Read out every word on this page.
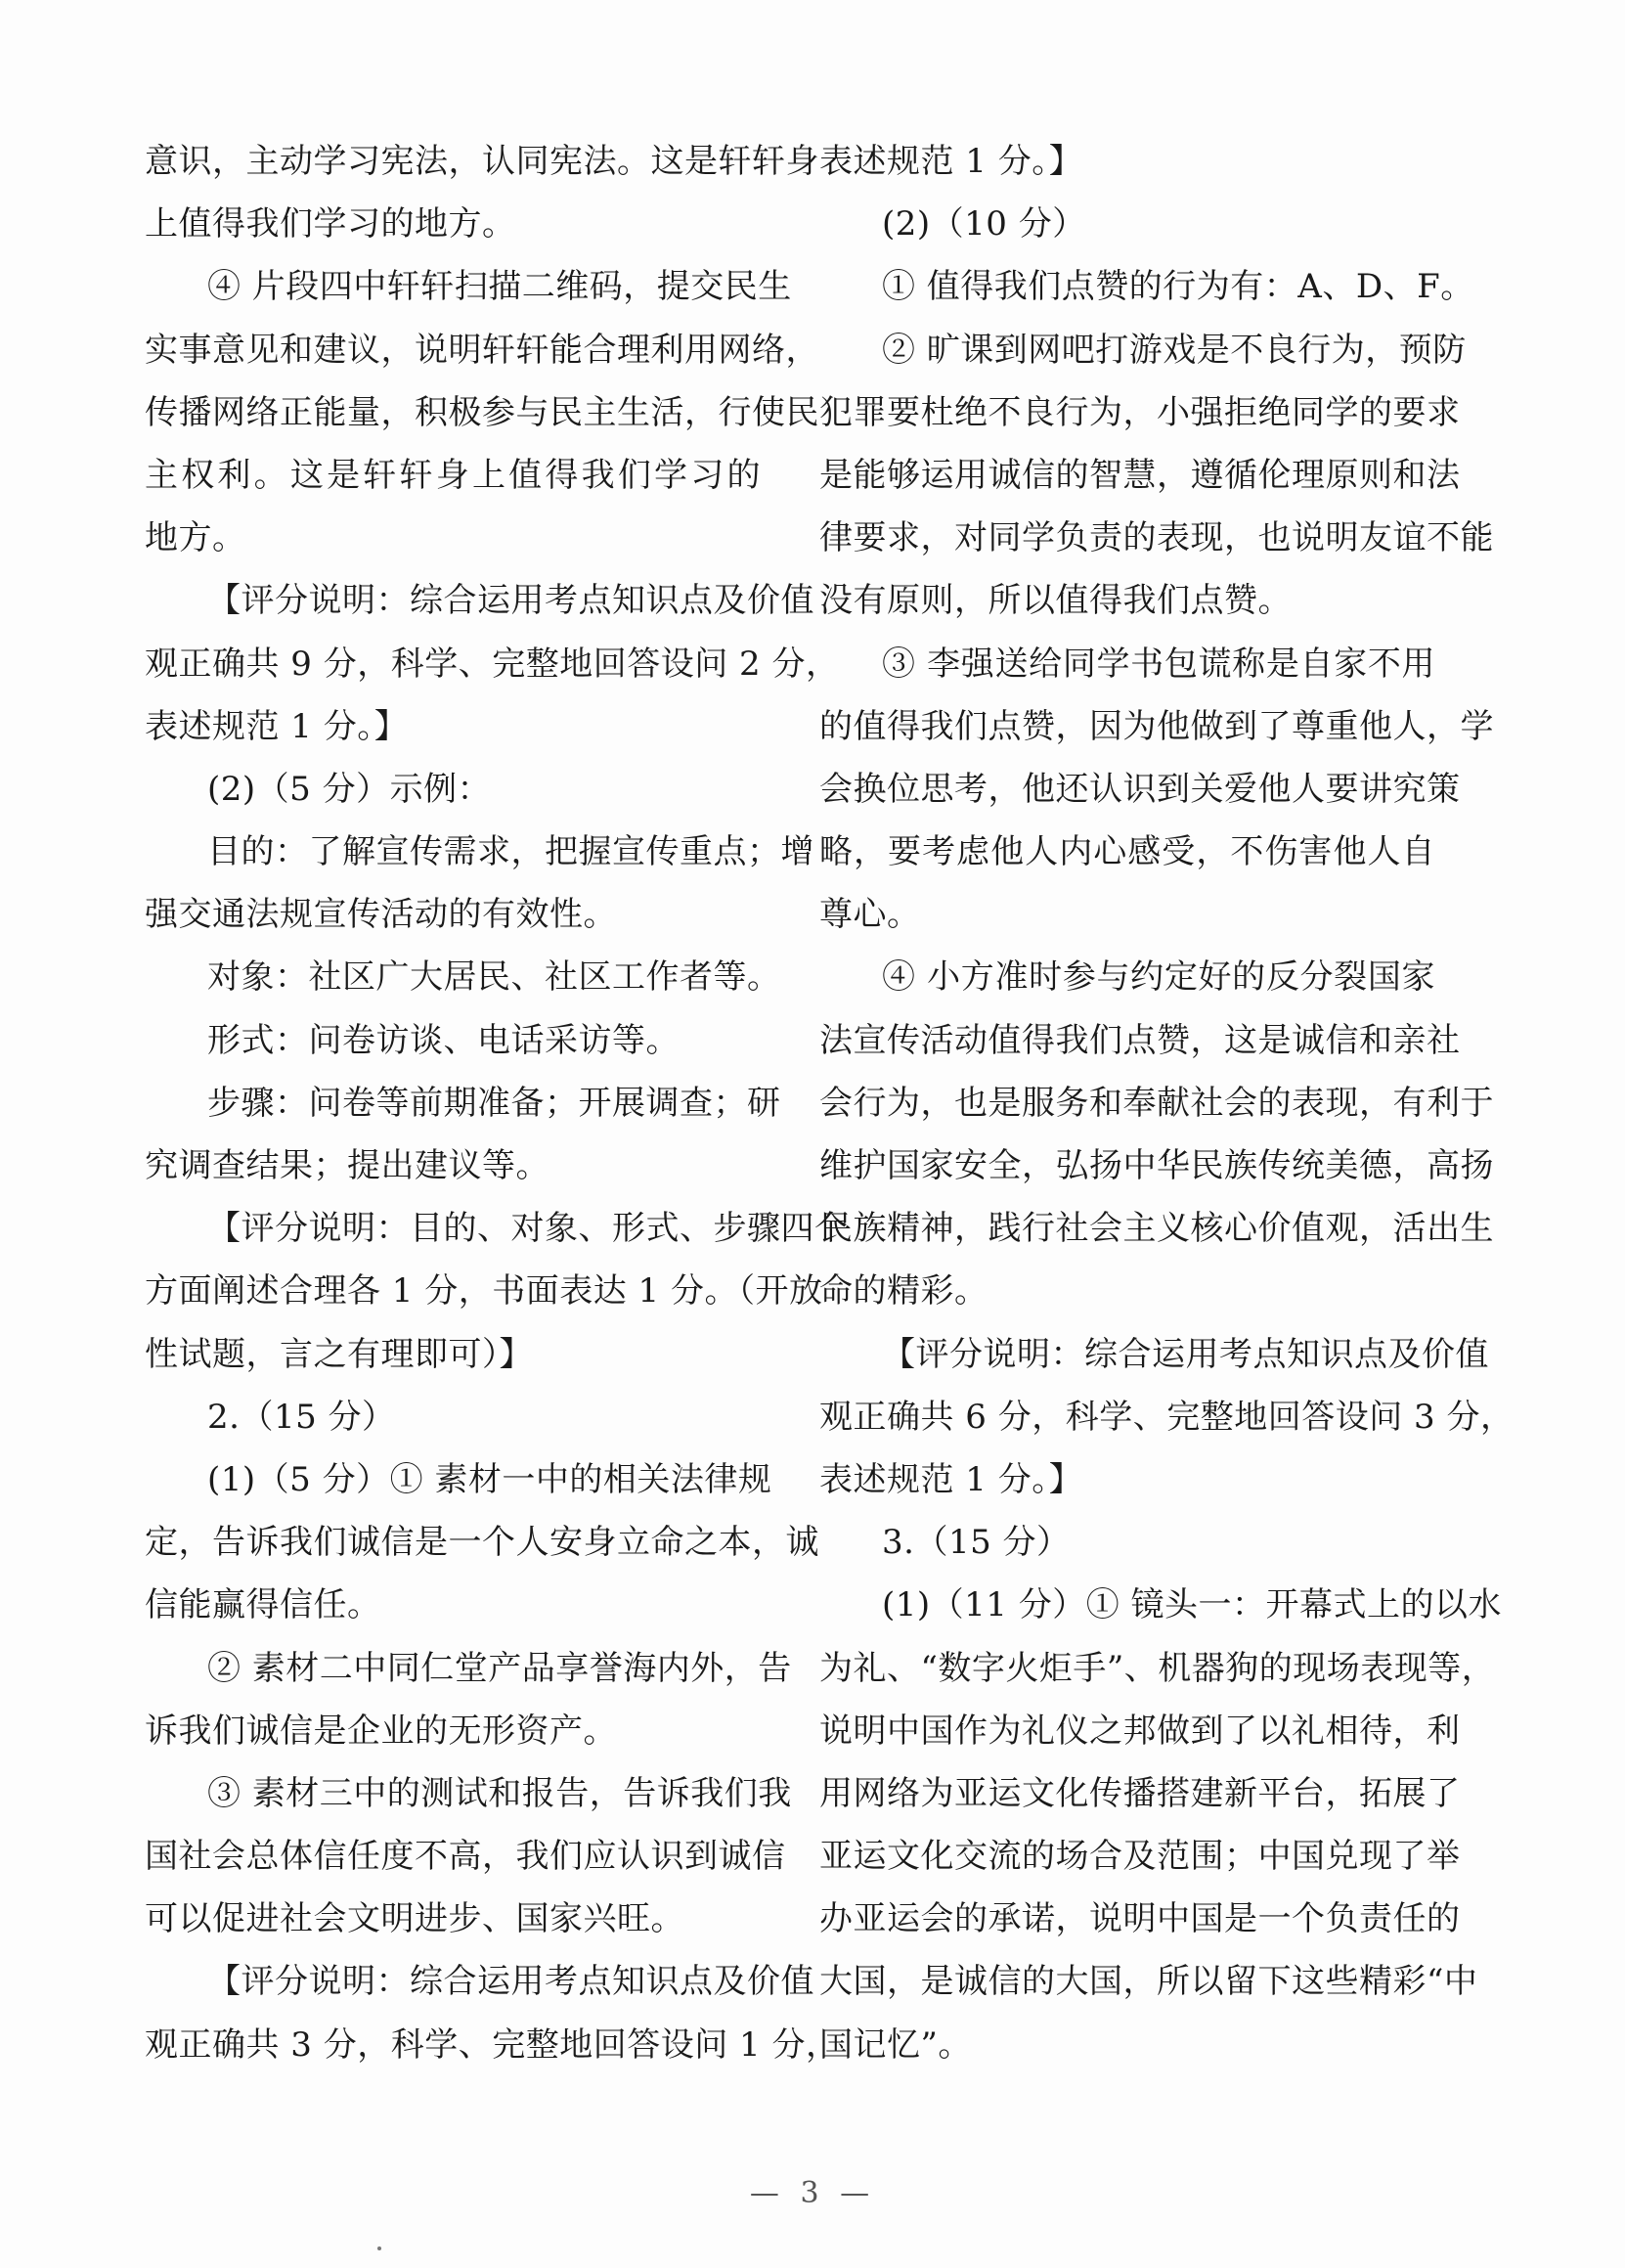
意识，主动学习宪法，认同宪法。这是轩轩身
上值得我们学习的地方。
④ 片段四中轩轩扫描二维码，提交民生
实事意见和建议，说明轩轩能合理利用网络，
传播网络正能量，积极参与民主生活，行使民
主权利。这是轩轩身上值得我们学习的
地方。
【评分说明：综合运用考点知识点及价值
观正确共 9 分，科学、完整地回答设问 2 分，
表述规范 1 分。】
(2)（5 分）示例：
目的：了解宣传需求，把握宣传重点；增
强交通法规宣传活动的有效性。
对象：社区广大居民、社区工作者等。
形式：问卷访谈、电话采访等。
步骤：问卷等前期准备；开展调查；研
究调查结果；提出建议等。
【评分说明：目的、对象、形式、步骤四个
方面阐述合理各 1 分，书面表达 1 分。（开放
性试题，言之有理即可）】
2.（15 分）
(1)（5 分）① 素材一中的相关法律规
定，告诉我们诚信是一个人安身立命之本，诚
信能赢得信任。
② 素材二中同仁堂产品享誉海内外，告
诉我们诚信是企业的无形资产。
③ 素材三中的测试和报告，告诉我们我
国社会总体信任度不高，我们应认识到诚信
可以促进社会文明进步、国家兴旺。
【评分说明：综合运用考点知识点及价值
观正确共 3 分，科学、完整地回答设问 1 分，
表述规范 1 分。】
(2)（10 分）
① 值得我们点赞的行为有：A、D、F。
② 旷课到网吧打游戏是不良行为，预防
犯罪要杜绝不良行为，小强拒绝同学的要求
是能够运用诚信的智慧，遵循伦理原则和法
律要求，对同学负责的表现，也说明友谊不能
没有原则，所以值得我们点赞。
③ 李强送给同学书包谎称是自家不用
的值得我们点赞，因为他做到了尊重他人，学
会换位思考，他还认识到关爱他人要讲究策
略，要考虑他人内心感受，不伤害他人自
尊心。
④ 小方准时参与约定好的反分裂国家
法宣传活动值得我们点赞，这是诚信和亲社
会行为，也是服务和奉献社会的表现，有利于
维护国家安全，弘扬中华民族传统美德，高扬
民族精神，践行社会主义核心价值观，活出生
命的精彩。
【评分说明：综合运用考点知识点及价值
观正确共 6 分，科学、完整地回答设问 3 分，
表述规范 1 分。】
3.（15 分）
(1)（11 分）① 镜头一：开幕式上的以水
为礼、“数字火炬手”、机器狗的现场表现等，
说明中国作为礼仪之邦做到了以礼相待，利
用网络为亚运文化传播搭建新平台，拓展了
亚运文化交流的场合及范围；中国兑现了举
办亚运会的承诺，说明中国是一个负责任的
大国，是诚信的大国，所以留下这些精彩“中
国记忆”。
— 3 —
